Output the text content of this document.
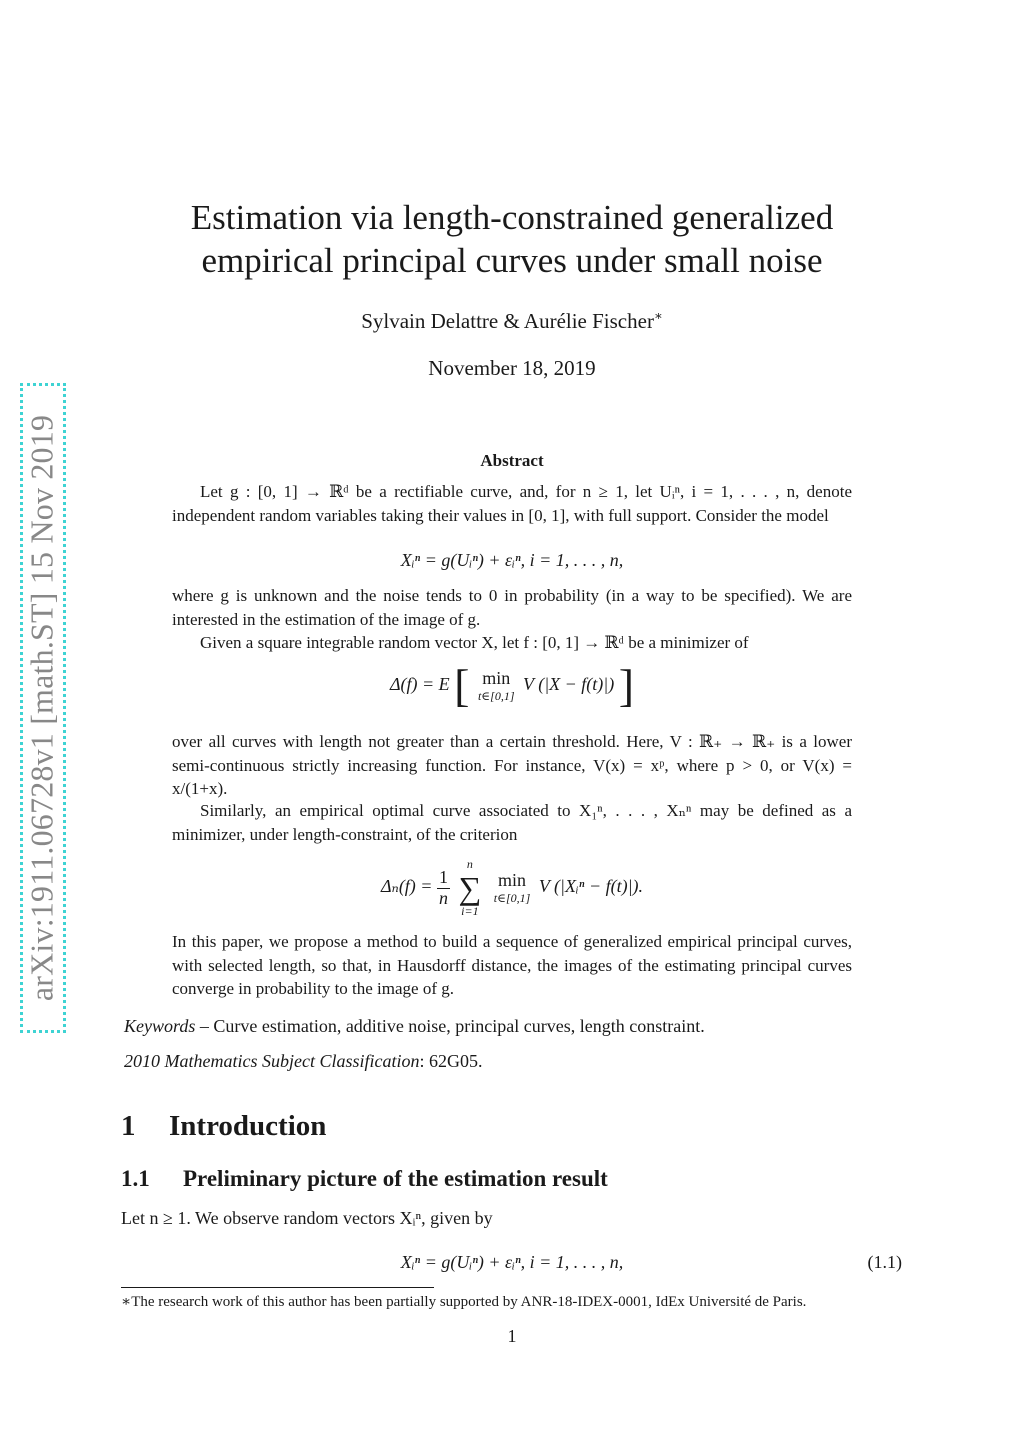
arXiv:1911.06728v1 [math.ST] 15 Nov 2019
Estimation via length-constrained generalized
empirical principal curves under small noise
Sylvain Delattre & Aurélie Fischer∗
November 18, 2019
Abstract
Let g : [0, 1] → ℝᵈ be a rectifiable curve, and, for n ≥ 1, let Uᵢⁿ, i = 1, . . . , n, denote independent random variables taking their values in [0, 1], with full support. Consider the model
Xᵢⁿ = g(Uᵢⁿ) + εᵢⁿ, i = 1, . . . , n,
where g is unknown and the noise tends to 0 in probability (in a way to be specified). We are interested in the estimation of the image of g.
Given a square integrable random vector X, let f : [0, 1] → ℝᵈ be a minimizer of
Δ(f) = E [ min
t∈[0,1]
V (|X − f(t)|) ]
over all curves with length not greater than a certain threshold. Here, V : ℝ₊ → ℝ₊ is a lower semi-continuous strictly increasing function. For instance, V(x) = xᵖ, where p > 0, or V(x) = x/(1+x).
Similarly, an empirical optimal curve associated to X₁ⁿ, . . . , Xₙⁿ may be defined as a minimizer, under length-constraint, of the criterion
$\Delta_n(f) = \frac{1}{n}$

n
∑
i=1

min
t∈[0,1]
V (|Xᵢⁿ − f(t)|).
In this paper, we propose a method to build a sequence of generalized empirical principal curves, with selected length, so that, in Hausdorff distance, the images of the estimating principal curves converge in probability to the image of g.
Keywords – Curve estimation, additive noise, principal curves, length constraint.
2010 Mathematics Subject Classification: 62G05.
1 Introduction
1.1 Preliminary picture of the estimation result
Let n ≥ 1. We observe random vectors Xᵢⁿ, given by
Xᵢⁿ = g(Uᵢⁿ) + εᵢⁿ, i = 1, . . . , n,	(1.1)
∗The research work of this author has been partially supported by ANR-18-IDEX-0001, IdEx Université de Paris.
1
